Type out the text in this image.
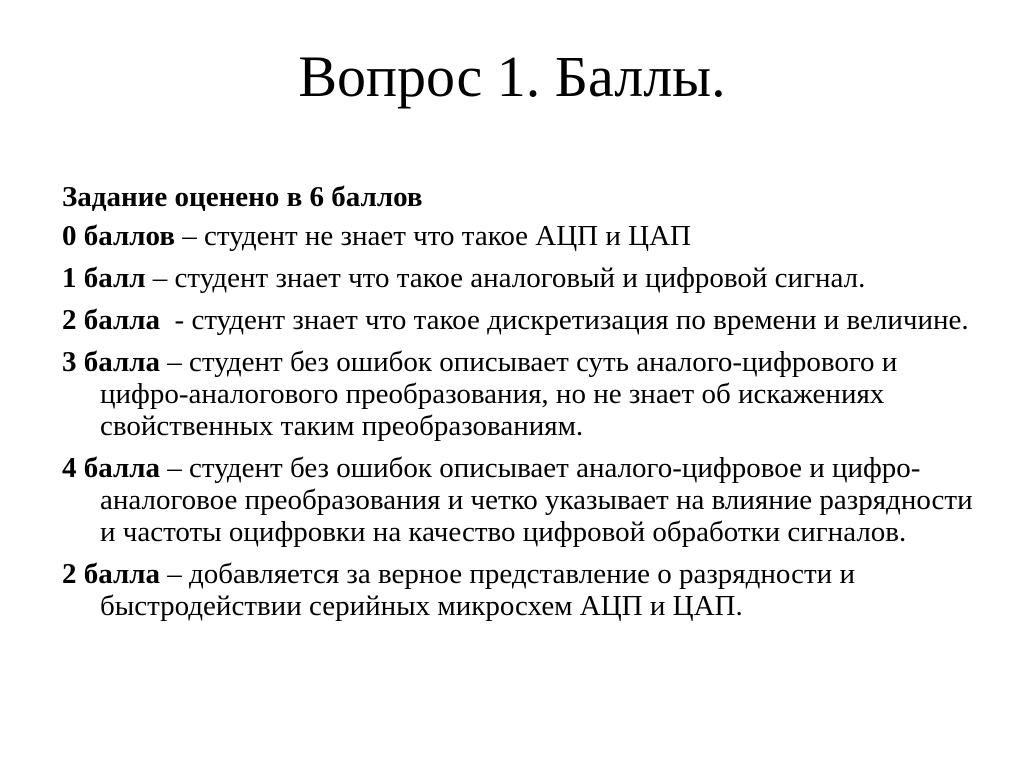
Вопрос 1. Баллы.

Задание оценено в 6 баллов

0 баллов – студент не знает что такое АЦП и ЦАП

1 балл – студент знает что такое аналоговый и цифровой сигнал.

2 балла  - студент знает что такое дискретизация по времени и величине.

3 балла – студент без ошибок описывает суть аналого-цифрового и цифро-аналогового преобразования, но не знает об искажениях свойственных таким преобразованиям.

4 балла – студент без ошибок описывает аналого-цифровое и цифро-аналоговое преобразования и четко указывает на влияние разрядности и частоты оцифровки на качество цифровой обработки сигналов.

2 балла – добавляется за верное представление о разрядности и быстродействии серийных микросхем АЦП и ЦАП.
